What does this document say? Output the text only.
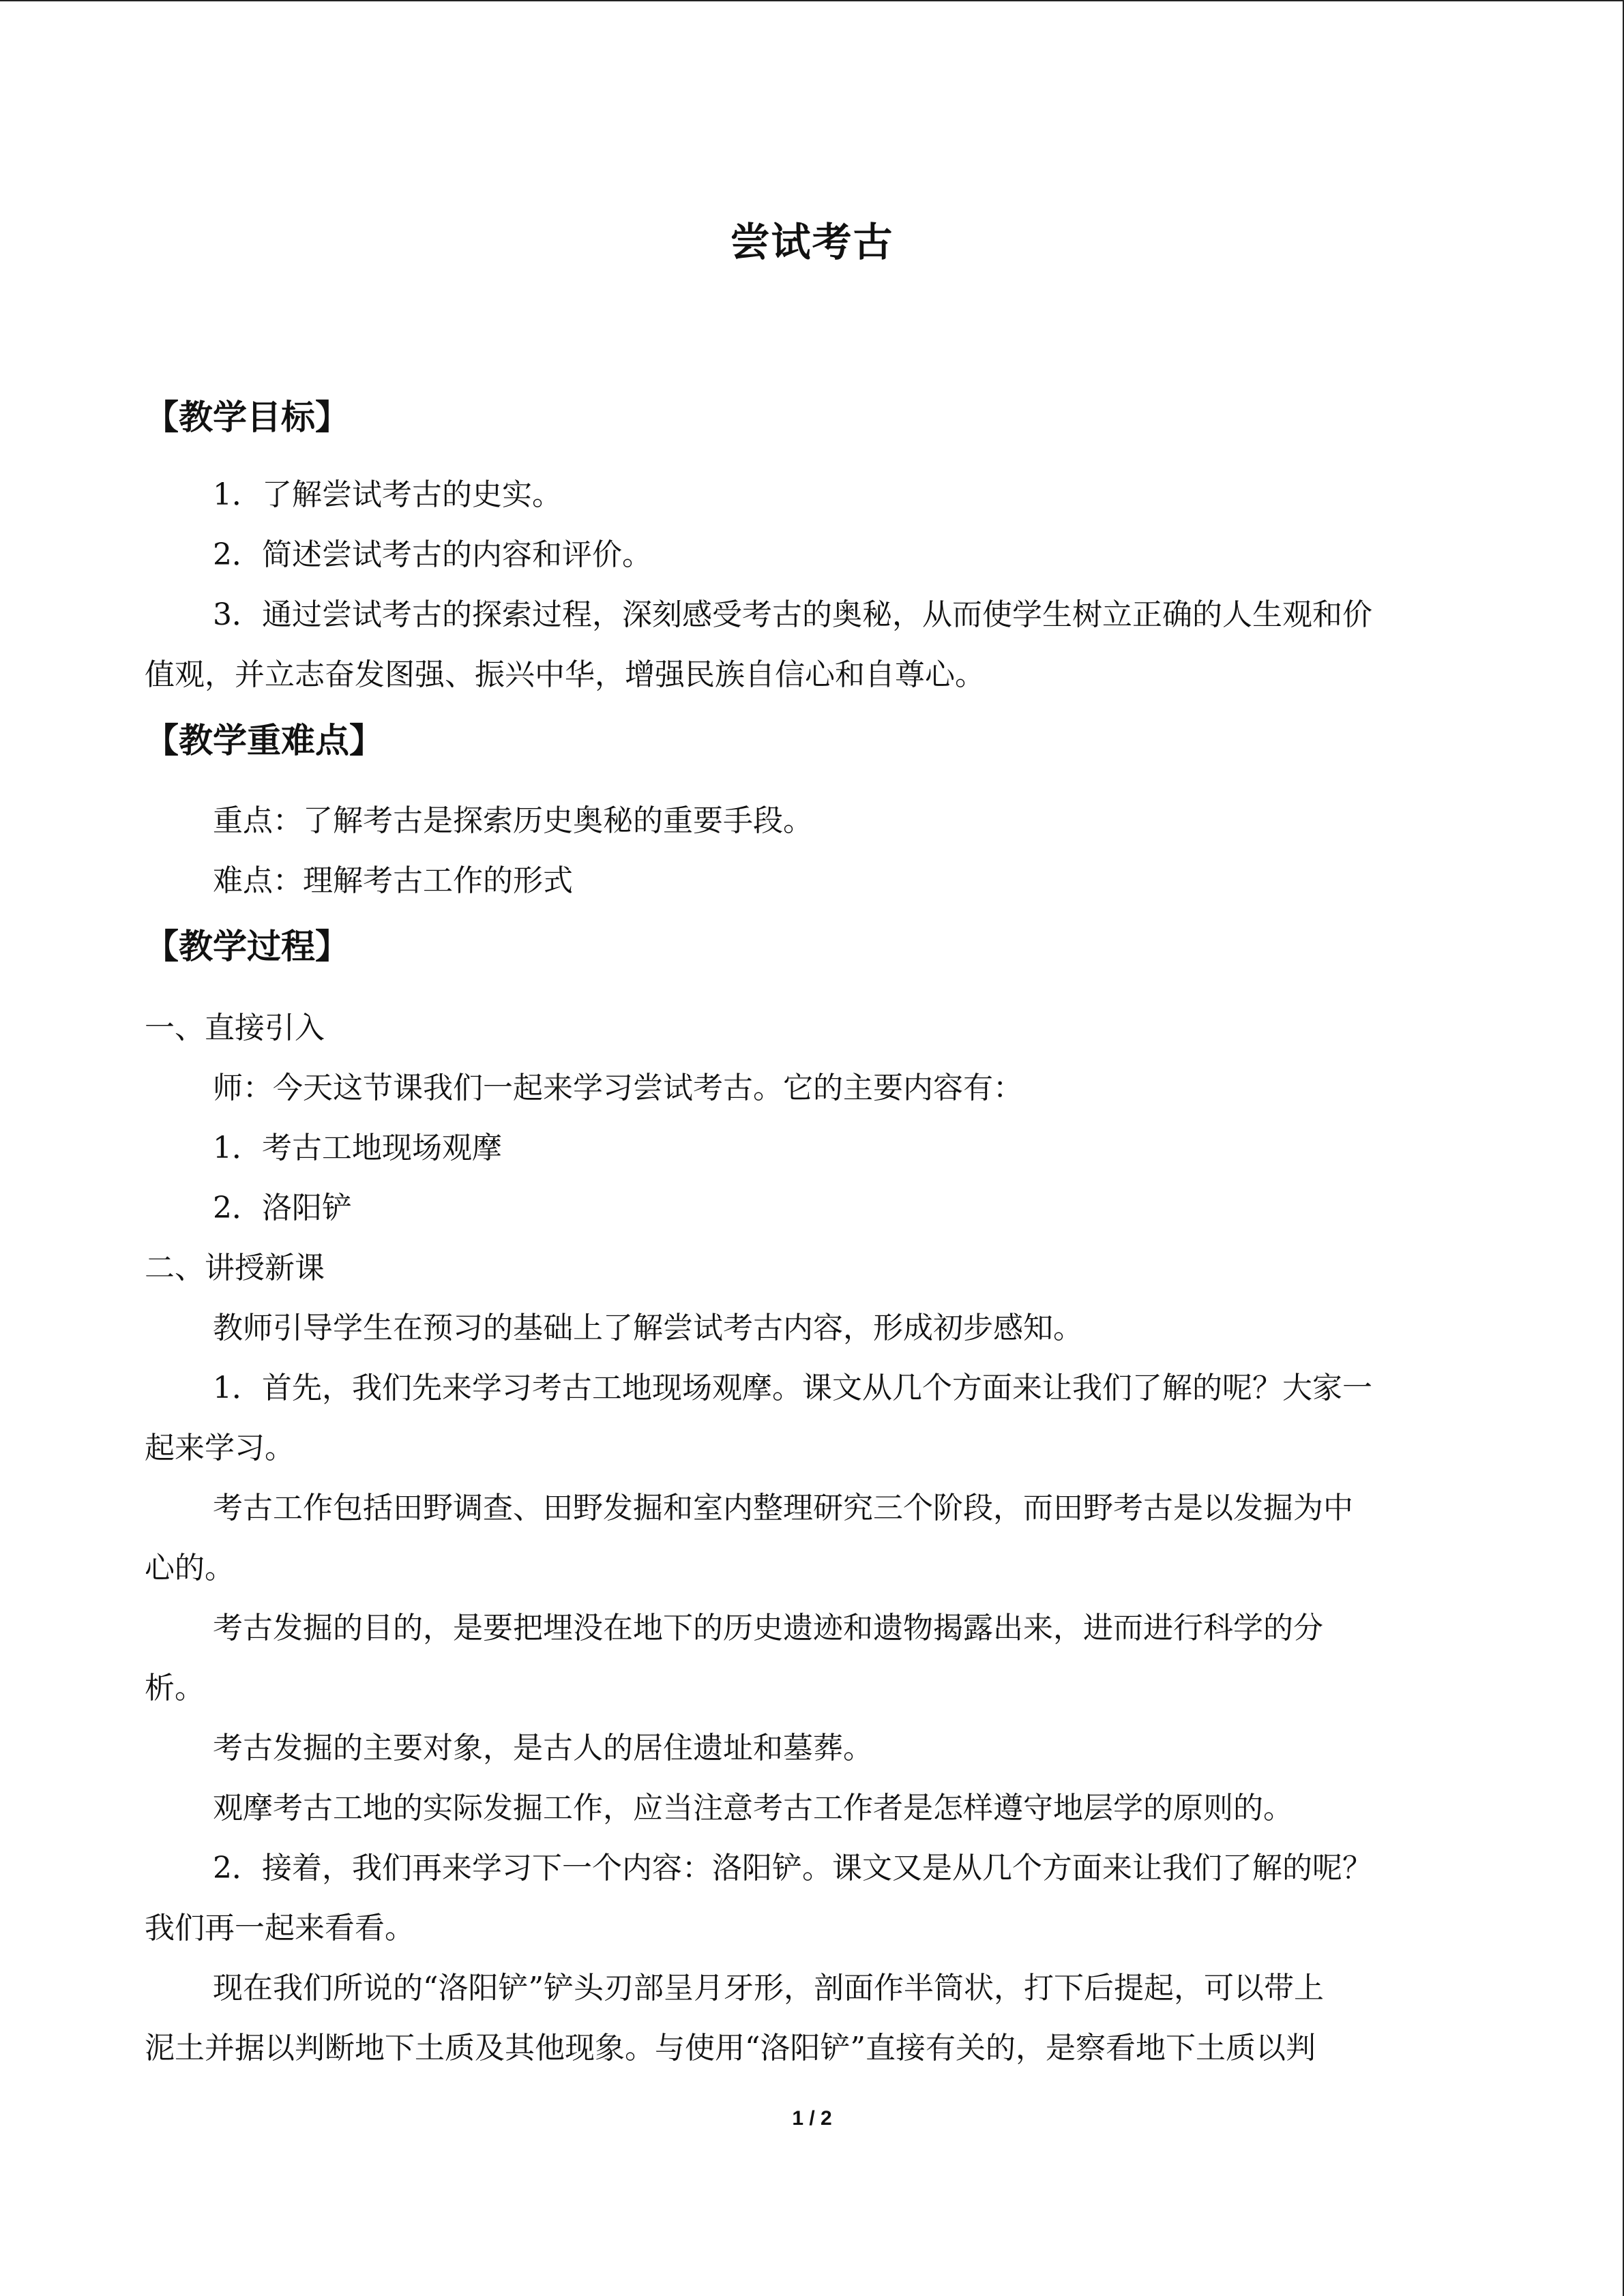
尝试考古
【教学目标】
1．了解尝试考古的史实。
2．简述尝试考古的内容和评价。
3．通过尝试考古的探索过程，深刻感受考古的奥秘，从而使学生树立正确的人生观和价
值观，并立志奋发图强、振兴中华，增强民族自信心和自尊心。
【教学重难点】
重点：了解考古是探索历史奥秘的重要手段。
难点：理解考古工作的形式
【教学过程】
一、直接引入
师：今天这节课我们一起来学习尝试考古。它的主要内容有：
1．考古工地现场观摩
2．洛阳铲
二、讲授新课
教师引导学生在预习的基础上了解尝试考古内容，形成初步感知。
1．首先，我们先来学习考古工地现场观摩。课文从几个方面来让我们了解的呢？大家一
起来学习。
考古工作包括田野调查、田野发掘和室内整理研究三个阶段，而田野考古是以发掘为中
心的。
考古发掘的目的，是要把埋没在地下的历史遗迹和遗物揭露出来，进而进行科学的分
析。
考古发掘的主要对象，是古人的居住遗址和墓葬。
观摩考古工地的实际发掘工作，应当注意考古工作者是怎样遵守地层学的原则的。
2．接着，我们再来学习下一个内容：洛阳铲。课文又是从几个方面来让我们了解的呢？
我们再一起来看看。
现在我们所说的“洛阳铲”铲头刃部呈月牙形，剖面作半筒状，打下后提起，可以带上
泥土并据以判断地下土质及其他现象。与使用“洛阳铲”直接有关的，是察看地下土质以判
1 / 2
